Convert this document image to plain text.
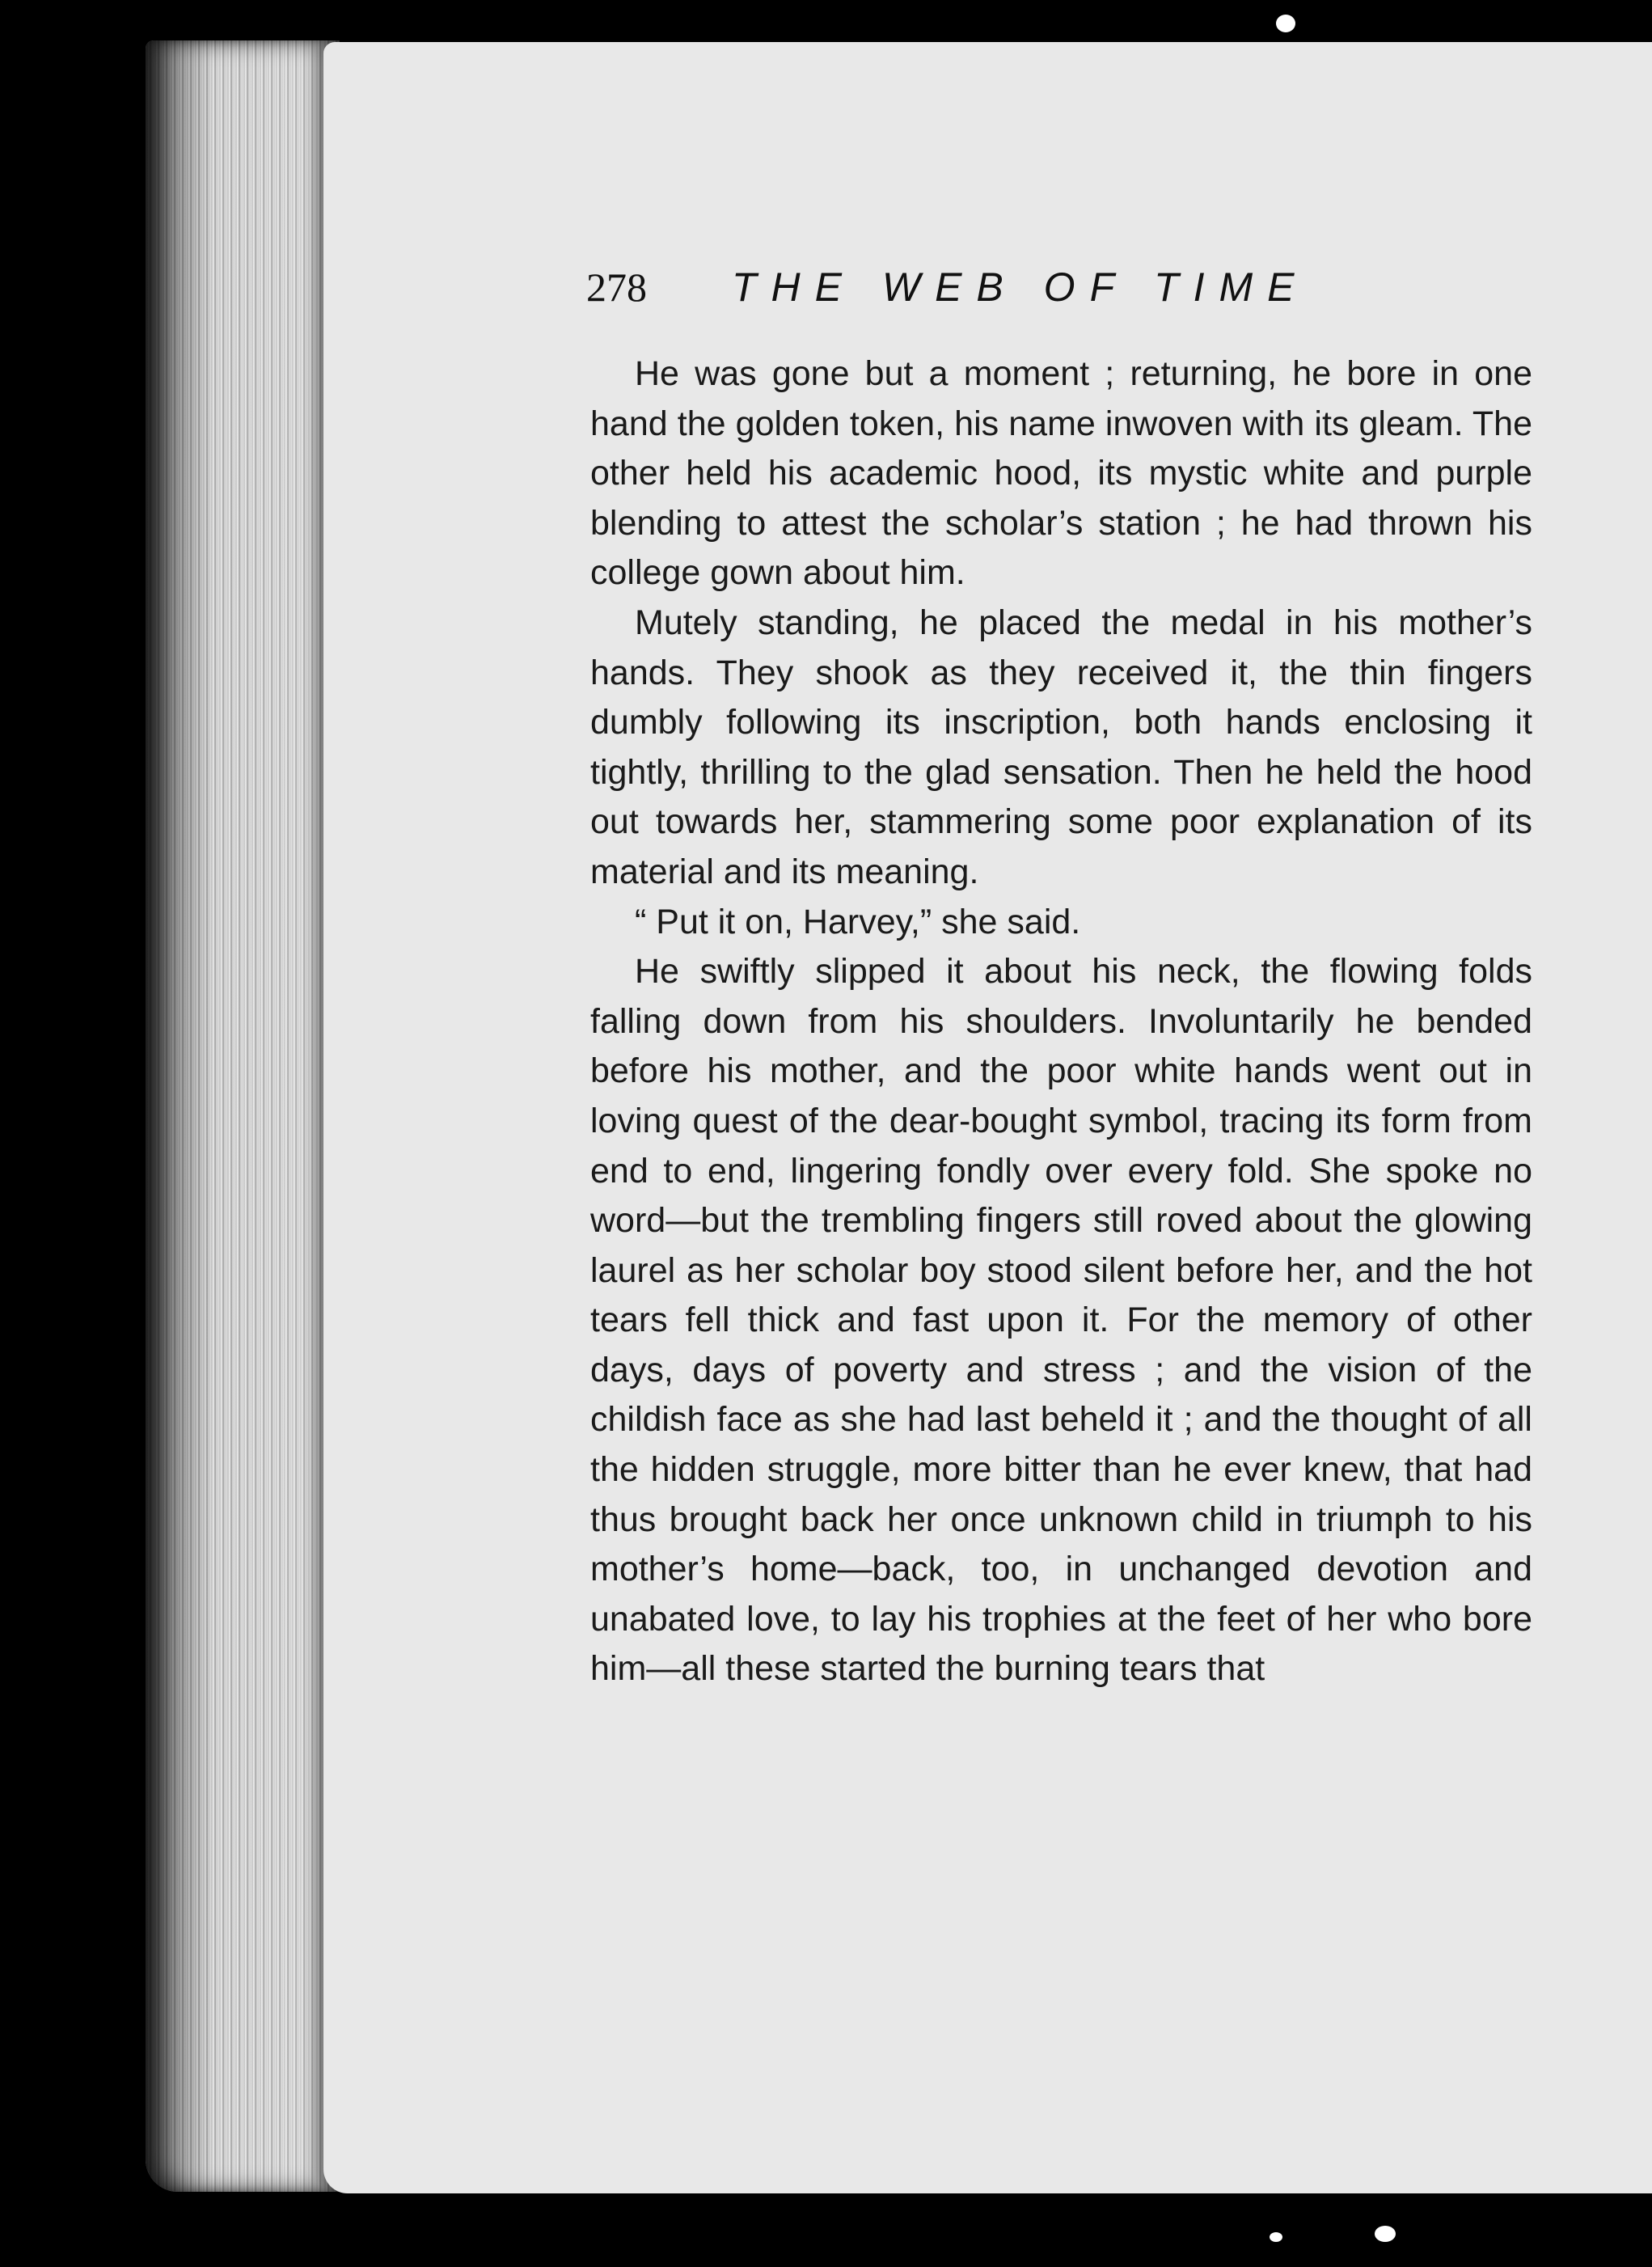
278	THE WEB OF TIME

He was gone but a moment ; returning, he bore in one hand the golden token, his name inwoven with its gleam. The other held his academic hood, its mystic white and purple blending to attest the scholar’s station ; he had thrown his college gown about him.

Mutely standing, he placed the medal in his mother’s hands. They shook as they received it, the thin fingers dumbly following its inscription, both hands enclosing it tightly, thrilling to the glad sensation. Then he held the hood out towards her, stammering some poor explanation of its material and its meaning.

“ Put it on, Harvey,” she said.

He swiftly slipped it about his neck, the flowing folds falling down from his shoulders. Involuntarily he bended before his mother, and the poor white hands went out in loving quest of the dear-bought symbol, tracing its form from end to end, lingering fondly over every fold. She spoke no word—but the trembling fingers still roved about the glowing laurel as her scholar boy stood silent before her, and the hot tears fell thick and fast upon it. For the memory of other days, days of poverty and stress ; and the vision of the childish face as she had last beheld it ; and the thought of all the hidden struggle, more bitter than he ever knew, that had thus brought back her once unknown child in triumph to his mother’s home—back, too, in unchanged devotion and unabated love, to lay his trophies at the feet of her who bore him—all these started the burning tears that
